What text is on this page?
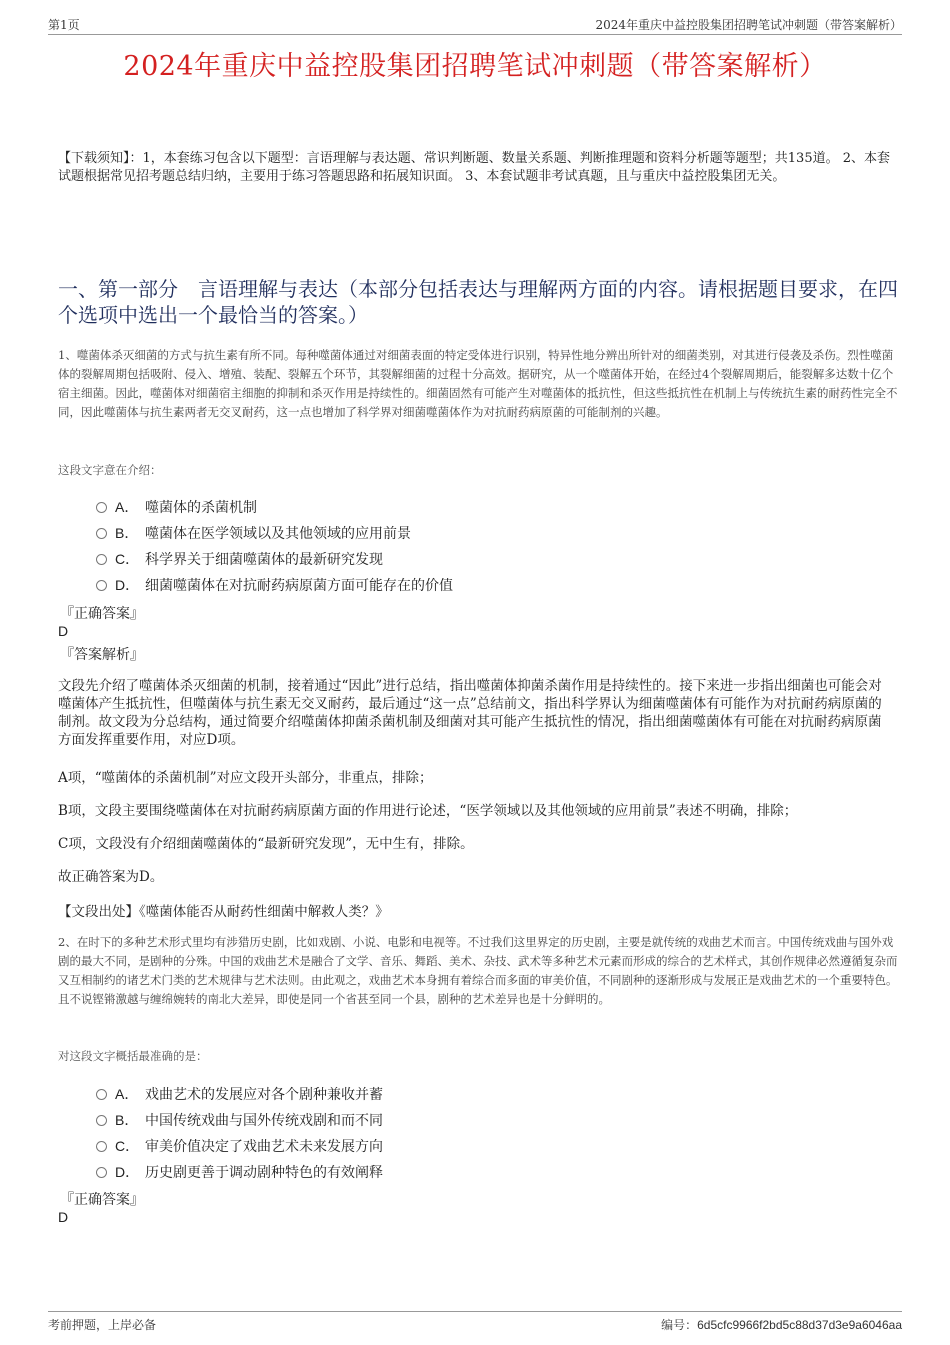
第1页	2024年重庆中益控股集团招聘笔试冲刺题（带答案解析）
2024年重庆中益控股集团招聘笔试冲刺题（带答案解析）
【下载须知】：1，本套练习包含以下题型：言语理解与表达题、常识判断题、数量关系题、判断推理题和资料分析题等题型；共135道。 2、本套试题根据常见招考题总结归纳，主要用于练习答题思路和拓展知识面。 3、本套试题非考试真题，且与重庆中益控股集团无关。
一、第一部分　言语理解与表达（本部分包括表达与理解两方面的内容。请根据题目要求，在四个选项中选出一个最恰当的答案。）
1、噬菌体杀灭细菌的方式与抗生素有所不同。每种噬菌体通过对细菌表面的特定受体进行识别，特异性地分辨出所针对的细菌类别，对其进行侵袭及杀伤。烈性噬菌体的裂解周期包括吸附、侵入、增殖、装配、裂解五个环节，其裂解细菌的过程十分高效。据研究，从一个噬菌体开始，在经过4个裂解周期后，能裂解多达数十亿个宿主细菌。因此，噬菌体对细菌宿主细胞的抑制和杀灭作用是持续性的。细菌固然有可能产生对噬菌体的抵抗性，但这些抵抗性在机制上与传统抗生素的耐药性完全不同，因此噬菌体与抗生素两者无交叉耐药，这一点也增加了科学界对细菌噬菌体作为对抗耐药病原菌的可能制剂的兴趣。
这段文字意在介绍：
A． 噬菌体的杀菌机制
B． 噬菌体在医学领域以及其他领域的应用前景
C． 科学界关于细菌噬菌体的最新研究发现
D． 细菌噬菌体在对抗耐药病原菌方面可能存在的价值
『正确答案』
D
『答案解析』
文段先介绍了噬菌体杀灭细菌的机制，接着通过“因此”进行总结，指出噬菌体抑菌杀菌作用是持续性的。接下来进一步指出细菌也可能会对噬菌体产生抵抗性，但噬菌体与抗生素无交叉耐药，最后通过“这一点”总结前文，指出科学界认为细菌噬菌体有可能作为对抗耐药病原菌的制剂。故文段为分总结构，通过简要介绍噬菌体抑菌杀菌机制及细菌对其可能产生抵抗性的情况，指出细菌噬菌体有可能在对抗耐药病原菌方面发挥重要作用，对应D项。
A项，“噬菌体的杀菌机制”对应文段开头部分，非重点，排除；
B项，文段主要围绕噬菌体在对抗耐药病原菌方面的作用进行论述，“医学领域以及其他领域的应用前景”表述不明确，排除；
C项，文段没有介绍细菌噬菌体的“最新研究发现”，无中生有，排除。
故正确答案为D。
【文段出处】《噬菌体能否从耐药性细菌中解救人类？》
2、在时下的多种艺术形式里均有涉猎历史剧，比如戏剧、小说、电影和电视等。不过我们这里界定的历史剧，主要是就传统的戏曲艺术而言。中国传统戏曲与国外戏剧的最大不同，是剧种的分殊。中国的戏曲艺术是融合了文学、音乐、舞蹈、美术、杂技、武术等多种艺术元素而形成的综合的艺术样式，其创作规律必然遵循复杂而又互相制约的诸艺术门类的艺术规律与艺术法则。由此观之，戏曲艺术本身拥有着综合而多面的审美价值，不同剧种的逐渐形成与发展正是戏曲艺术的一个重要特色。且不说铿锵激越与缠绵婉转的南北大差异，即使是同一个省甚至同一个县，剧种的艺术差异也是十分鲜明的。
对这段文字概括最准确的是：
A． 戏曲艺术的发展应对各个剧种兼收并蓄
B． 中国传统戏曲与国外传统戏剧和而不同
C． 审美价值决定了戏曲艺术未来发展方向
D． 历史剧更善于调动剧种特色的有效阐释
『正确答案』
D
考前押题，上岸必备	编号：6d5cfc9966f2bd5c88d37d3e9a6046aa
